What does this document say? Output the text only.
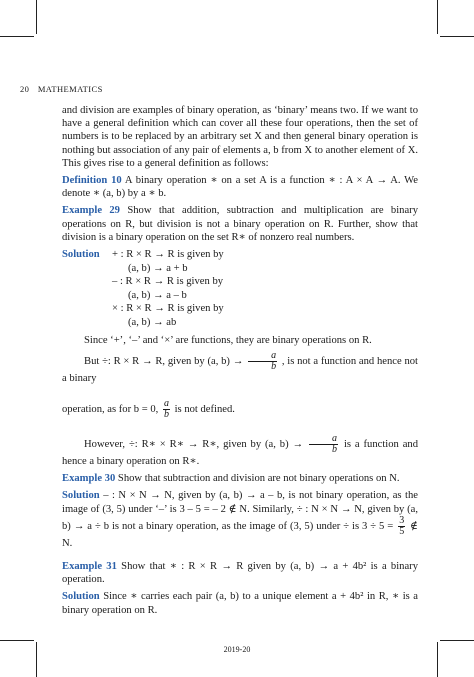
20 MATHEMATICS

and division are examples of binary operation, as ‘binary’ means two. If we want to have a general definition which can cover all these four operations, then the set of numbers is to be replaced by an arbitrary set X and then general binary operation is nothing but association of any pair of elements a, b from X to another element of X. This gives rise to a general definition as follows:

Definition 10 A binary operation ∗ on a set A is a function ∗ : A × A → A. We denote ∗ (a, b) by a ∗ b.

Example 29 Show that addition, subtraction and multiplication are binary operations on R, but division is not a binary operation on R. Further, show that division is a binary operation on the set R∗ of nonzero real numbers.

Solution	+ : R × R → R is given by
(a, b) → a + b
– : R × R → R is given by
(a, b) → a – b
× : R × R → R is given by
(a, b) → ab

Since ‘+’, ‘–’ and ‘×’ are functions, they are binary operations on R.

But ÷: R × R → R, given by (a, $b) \to \frac{a}{b}$ , is not a function and hence not a binary

operation, as for b = 0, $\frac{a}{b}$ is not defined.

However, ÷: R∗ × R∗ → R∗, given by (a, $b) \to \frac{a}{b}$ is a function and hence a binary operation on R∗.

Example 30 Show that subtraction and division are not binary operations on N.

Solution – : N × N → N, given by (a, b) → a – b, is not binary operation, as the image of (3, 5) under ‘–’ is 3 – 5 = – 2 ∉ N. Similarly, ÷ : N × N → N, given by (a, b) → a ÷ b is not a binary operation, as the image of (3, 5) under ÷ is $3 \div 5 = \frac{3}{5}$ ∉ N.

Example 31 Show that ∗ : R × R → R given by (a, b) → a + 4b² is a binary operation.

Solution Since ∗ carries each pair (a, b) to a unique element a + 4b² in R, ∗ is a binary operation on R.

2019-20
